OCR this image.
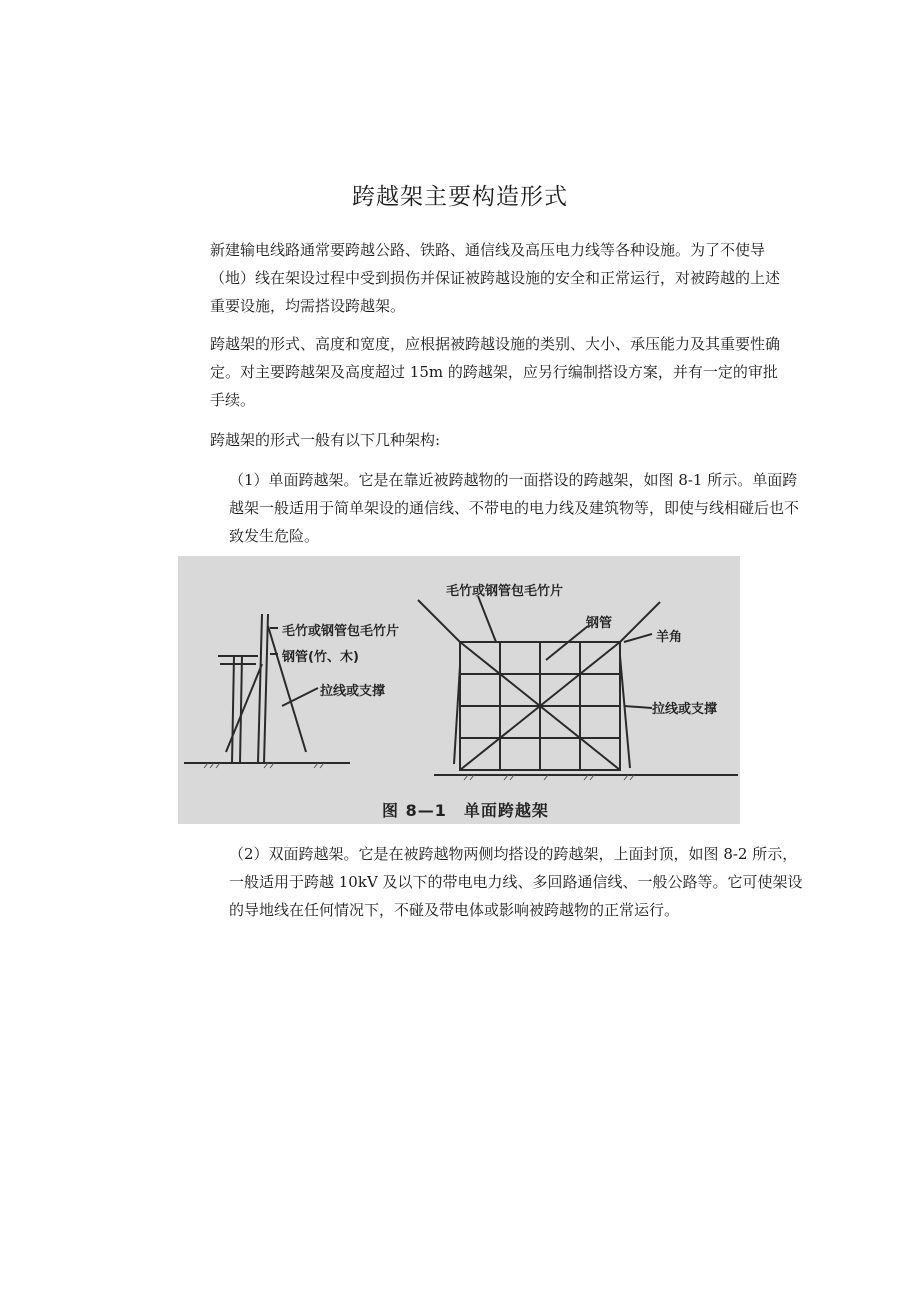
跨越架主要构造形式

新建输电线路通常要跨越公路、铁路、通信线及高压电力线等各种设施。为了不使导（地）线在架设过程中受到损伤并保证被跨越设施的安全和正常运行，对被跨越的上述重要设施，均需搭设跨越架。

跨越架的形式、高度和宽度，应根据被跨越设施的类别、大小、承压能力及其重要性确定。对主要跨越架及高度超过 15m 的跨越架，应另行编制搭设方案，并有一定的审批手续。

跨越架的形式一般有以下几种架构:

（1）单面跨越架。它是在靠近被跨越物的一面搭设的跨越架，如图 8-1 所示。单面跨越架一般适用于简单架设的通信线、不带电的电力线及建筑物等，即使与线相碰后也不致发生危险。

毛竹或钢管包毛竹片
钢管(竹、木)
拉线或支撑
毛竹或钢管包毛竹片
钢管
羊角
拉线或支撑
图 8—1　单面跨越架

（2）双面跨越架。它是在被跨越物两侧均搭设的跨越架，上面封顶，如图 8-2 所示，一般适用于跨越 10kV 及以下的带电电力线、多回路通信线、一般公路等。它可使架设的导地线在任何情况下，不碰及带电体或影响被跨越物的正常运行。
